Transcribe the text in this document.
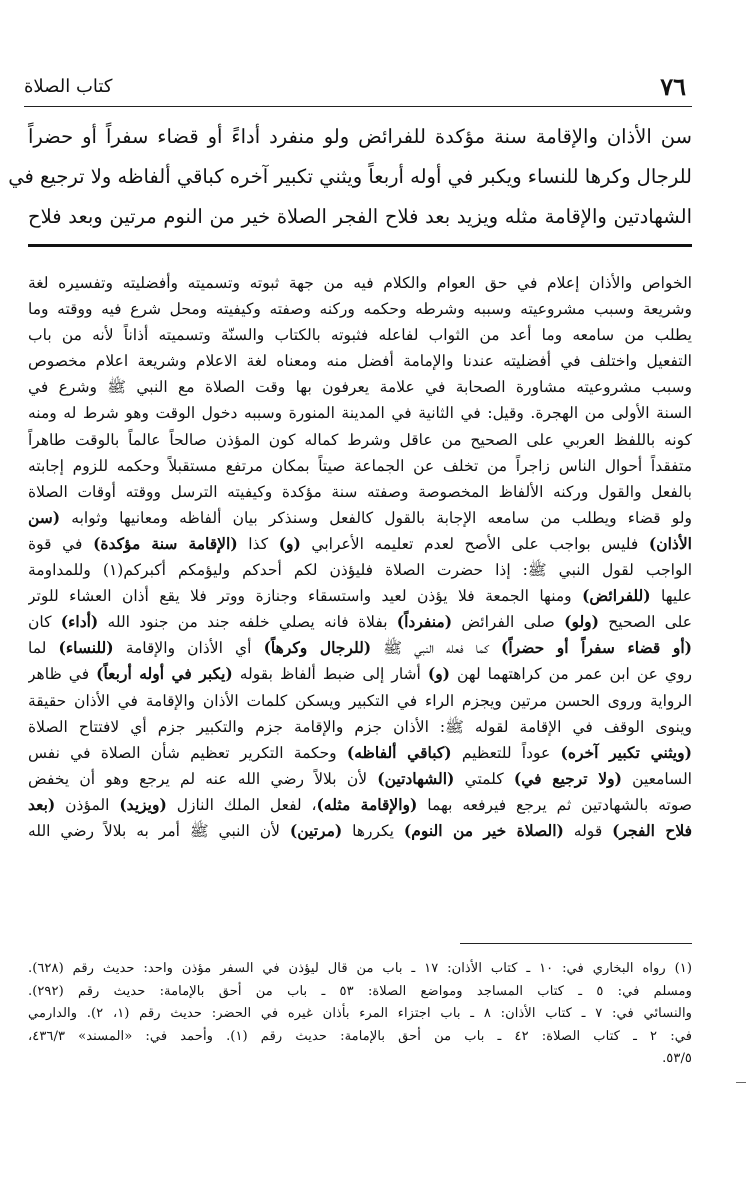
٧٦
كتاب الصلاة
سن الأذان والإقامة سنة مؤكدة للفرائض ولو منفرد أداءً أو قضاء سفراً أو حضراً
للرجال وكرها للنساء ويكبر في أوله أربعاً ويثني تكبير آخره كباقي ألفاظه ولا ترجيع في
الشهادتين والإقامة مثله ويزيد بعد فلاح الفجر الصلاة خير من النوم مرتين وبعد فلاح
الخواص والأذان إعلام في حق العوام والكلام فيه من جهة ثبوته وتسميته وأفضليته وتفسيره لغة
وشريعة وسبب مشروعيته وسببه وشرطه وحكمه وركنه وصفته وكيفيته ومحل شرع فيه ووقته وما
يطلب من سامعه وما أعد من الثواب لفاعله فثبوته بالكتاب والسنّة وتسميته أذاناً لأنه من باب
التفعيل واختلف في أفضليته عندنا والإمامة أفضل منه ومعناه لغة الاعلام وشريعة اعلام مخصوص
وسبب مشروعيته مشاورة الصحابة في علامة يعرفون بها وقت الصلاة مع النبي ﷺ وشرع في
السنة الأولى من الهجرة. وقيل: في الثانية في المدينة المنورة وسببه دخول الوقت وهو شرط له ومنه
كونه باللفظ العربي على الصحيح من عاقل وشرط كماله كون المؤذن صالحاً عالماً بالوقت طاهراً
متفقداً أحوال الناس زاجراً من تخلف عن الجماعة صيتاً بمكان مرتفع مستقبلاً وحكمه للزوم إجابته
بالفعل والقول وركنه الألفاظ المخصوصة وصفته سنة مؤكدة وكيفيته الترسل ووقته أوقات الصلاة
ولو قضاء ويطلب من سامعه الإجابة بالقول كالفعل وسنذكر بيان ألفاظه ومعانيها وثوابه (سن
الأذان) فليس بواجب على الأصح لعدم تعليمه الأعرابي (و) كذا (الإقامة سنة مؤكدة) في قوة
الواجب لقول النبي ﷺ: إذا حضرت الصلاة فليؤذن لكم أحدكم وليؤمكم أكبركم(١) وللمداومة
عليها (للفرائض) ومنها الجمعة فلا يؤذن لعيد واستسقاء وجنازة ووتر فلا يقع أذان العشاء للوتر
على الصحيح (ولو) صلى الفرائض (منفرداً) بفلاة فانه يصلي خلفه جند من جنود الله (أداء) كان
(أو قضاء سفراً أو حضراً) كما فعله النبي ﷺ (للرجال وكرهاً) أي الأذان والإقامة (للنساء) لما
روي عن ابن عمر من كراهتهما لهن (و) أشار إلى ضبط ألفاظ بقوله (يكبر في أوله أربعاً) في ظاهر
الرواية وروى الحسن مرتين ويجزم الراء في التكبير ويسكن كلمات الأذان والإقامة في الأذان حقيقة
وينوى الوقف في الإقامة لقوله ﷺ: الأذان جزم والإقامة جزم والتكبير جزم أي لافتتاح الصلاة
(ويثني تكبير آخره) عوداً للتعظيم (كباقي ألفاظه) وحكمة التكرير تعظيم شأن الصلاة في نفس
السامعين (ولا ترجيع في) كلمتي (الشهادتين) لأن بلالاً رضي الله عنه لم يرجع وهو أن يخفض
صوته بالشهادتين ثم يرجع فيرفعه بهما (والإقامة مثله)، لفعل الملك النازل (ويزيد) المؤذن (بعد
فلاح الفجر) قوله (الصلاة خير من النوم) يكررها (مرتين) لأن النبي ﷺ أمر به بلالاً رضي الله
(١) رواه البخاري في: ١٠ ـ كتاب الأذان: ١٧ ـ باب من قال ليؤذن في السفر مؤذن واحد: حديث رقم (٦٢٨).
ومسلم في: ٥ ـ كتاب المساجد ومواضع الصلاة: ٥٣ ـ باب من أحق بالإمامة: حديث رقم (٢٩٢).
والنسائي في: ٧ ـ كتاب الأذان: ٨ ـ باب اجتزاء المرء بأذان غيره في الحضر: حديث رقم (١، ٢). والدارمي
في: ٢ ـ كتاب الصلاة: ٤٢ ـ باب من أحق بالإمامة: حديث رقم (١). وأحمد في: «المسند» ٤٣٦/٣،
٥٣/٥.
